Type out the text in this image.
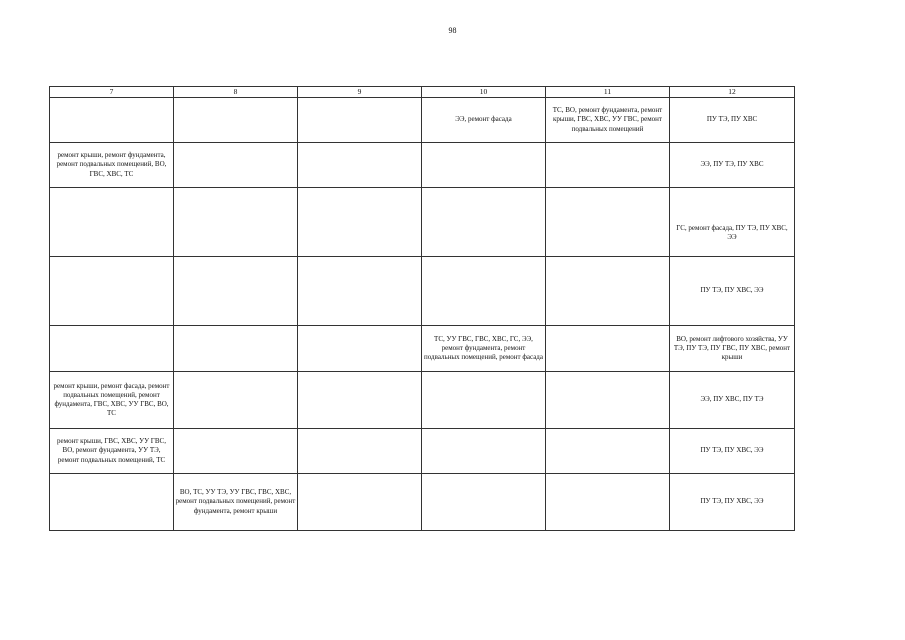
98
7	8	9	10	11	12
			ЭЭ, ремонт фасада	ТС, ВО, ремонт фундамента, ремонт крыши, ГВС, ХВС, УУ ГВС, ремонт подвальных помещений	ПУ ТЭ, ПУ ХВС
ремонт крыши, ремонт фундамента, ремонт подвальных помещений, ВО, ГВС, ХВС, ТС					ЭЭ, ПУ ТЭ, ПУ ХВС
					ГС, ремонт фасада, ПУ ТЭ, ПУ ХВС, ЭЭ
					ПУ ТЭ, ПУ ХВС, ЭЭ
			ТС, УУ ГВС, ГВС, ХВС, ГС, ЭЭ, ремонт фундамента, ремонт подвальных помещений, ремонт фасада		ВО, ремонт лифтового хозяйства, УУ ТЭ, ПУ ТЭ, ПУ ГВС, ПУ ХВС, ремонт крыши
ремонт крыши, ремонт фасада, ремонт подвальных помещений, ремонт фундамента, ГВС, ХВС, УУ ГВС, ВО, ТС					ЭЭ, ПУ ХВС, ПУ ТЭ
ремонт крыши, ГВС, ХВС, УУ ГВС, ВО, ремонт фундамента, УУ ТЭ, ремонт подвальных помещений, ТС					ПУ ТЭ, ПУ ХВС, ЭЭ
	ВО, ТС, УУ ТЭ, УУ ГВС, ГВС, ХВС, ремонт подвальных помещений, ремонт фундамента, ремонт крыши				ПУ ТЭ, ПУ ХВС, ЭЭ
